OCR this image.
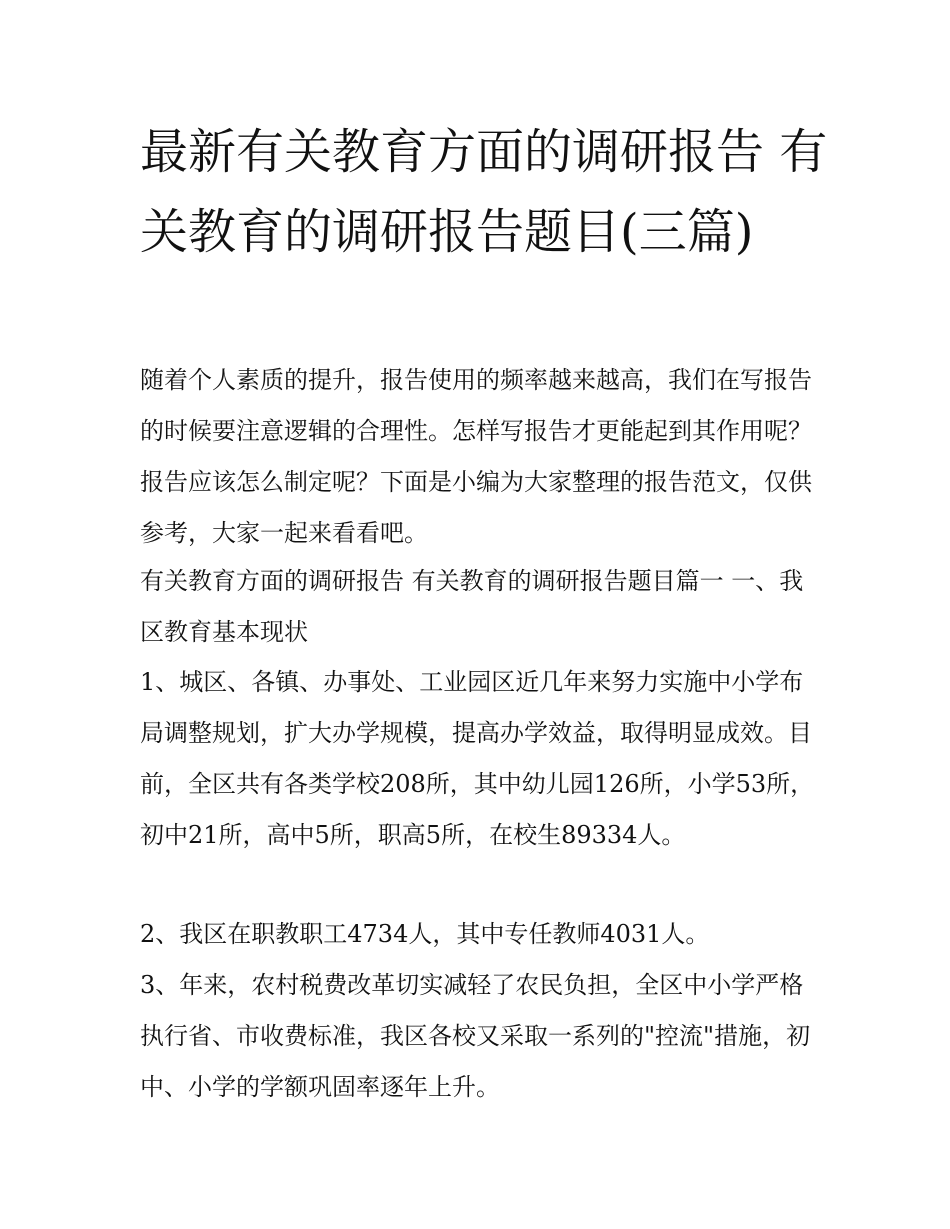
最新有关教育方面的调研报告 有关教育的调研报告题目(三篇)

随着个人素质的提升，报告使用的频率越来越高，我们在写报告的时候要注意逻辑的合理性。怎样写报告才更能起到其作用呢？报告应该怎么制定呢？下面是小编为大家整理的报告范文，仅供参考，大家一起来看看吧。

有关教育方面的调研报告 有关教育的调研报告题目篇一 一、我区教育基本现状

1、城区、各镇、办事处、工业园区近几年来努力实施中小学布局调整规划，扩大办学规模，提高办学效益，取得明显成效。目前，全区共有各类学校208所，其中幼儿园126所，小学53所，初中21所，高中5所，职高5所，在校生89334人。

2、我区在职教职工4734人，其中专任教师4031人。

3、年来，农村税费改革切实减轻了农民负担，全区中小学严格执行省、市收费标准，我区各校又采取一系列的"控流"措施，初中、小学的学额巩固率逐年上升。
